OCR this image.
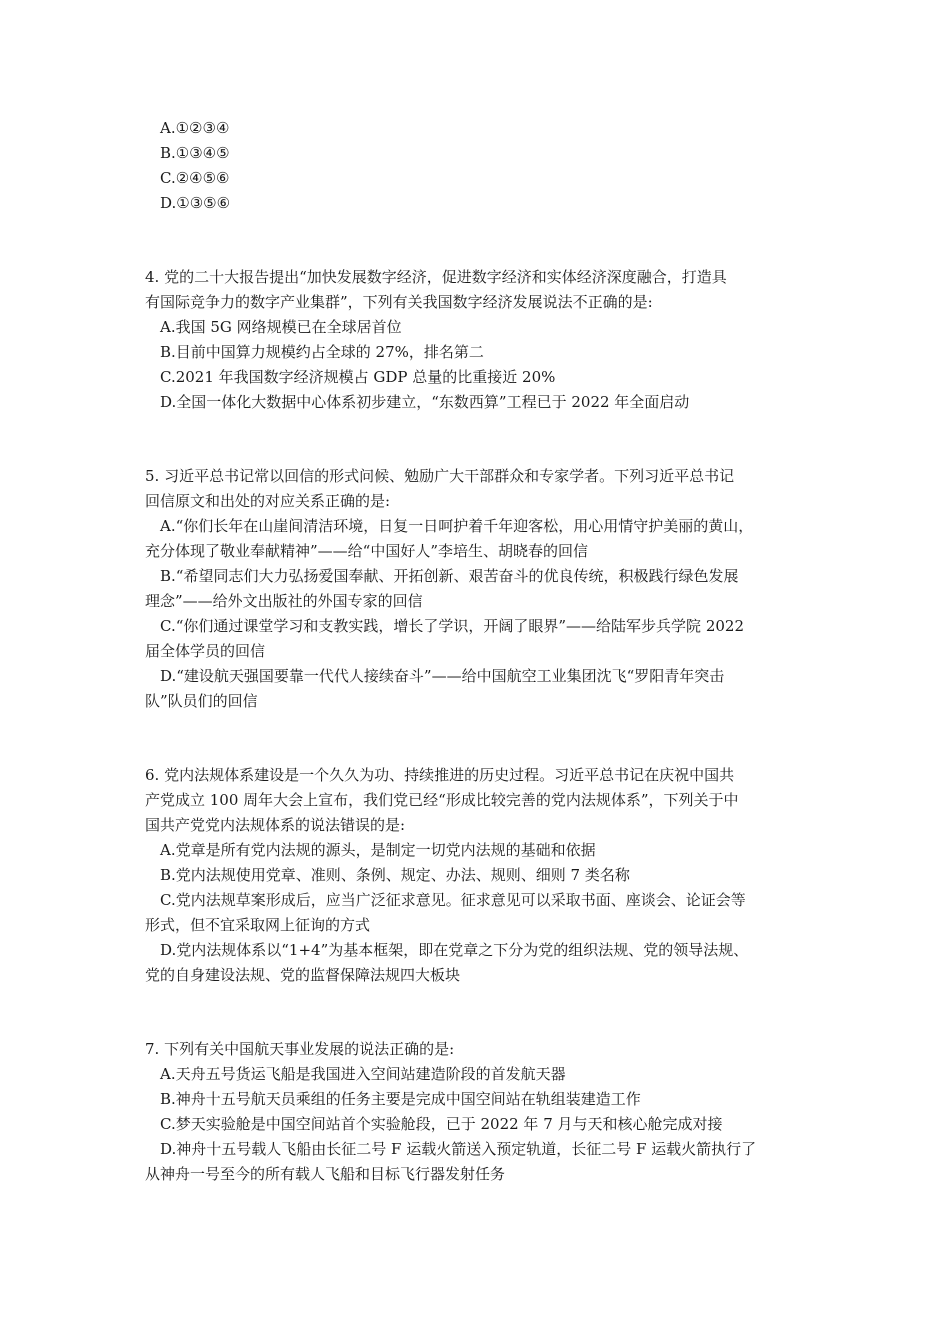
A.①②③④
B.①③④⑤
C.②④⑤⑥
D.①③⑤⑥
4. 党的二十大报告提出“加快发展数字经济，促进数字经济和实体经济深度融合，打造具
有国际竞争力的数字产业集群”，下列有关我国数字经济发展说法不正确的是:
A.我国 5G 网络规模已在全球居首位
B.目前中国算力规模约占全球的 27%，排名第二
C.2021 年我国数字经济规模占 GDP 总量的比重接近 20%
D.全国一体化大数据中心体系初步建立，“东数西算”工程已于 2022 年全面启动
5. 习近平总书记常以回信的形式问候、勉励广大干部群众和专家学者。下列习近平总书记
回信原文和出处的对应关系正确的是:
A.“你们长年在山崖间清洁环境，日复一日呵护着千年迎客松，用心用情守护美丽的黄山，
充分体现了敬业奉献精神”——给“中国好人”李培生、胡晓春的回信
B.“希望同志们大力弘扬爱国奉献、开拓创新、艰苦奋斗的优良传统，积极践行绿色发展
理念”——给外文出版社的外国专家的回信
C.“你们通过课堂学习和支教实践，增长了学识，开阔了眼界”——给陆军步兵学院 2022
届全体学员的回信
D.“建设航天强国要靠一代代人接续奋斗”——给中国航空工业集团沈飞“罗阳青年突击
队”队员们的回信
6. 党内法规体系建设是一个久久为功、持续推进的历史过程。习近平总书记在庆祝中国共
产党成立 100 周年大会上宣布，我们党已经“形成比较完善的党内法规体系”，下列关于中
国共产党党内法规体系的说法错误的是:
A.党章是所有党内法规的源头，是制定一切党内法规的基础和依据
B.党内法规使用党章、准则、条例、规定、办法、规则、细则 7 类名称
C.党内法规草案形成后，应当广泛征求意见。征求意见可以采取书面、座谈会、论证会等
形式，但不宜采取网上征询的方式
D.党内法规体系以“1+4”为基本框架，即在党章之下分为党的组织法规、党的领导法规、
党的自身建设法规、党的监督保障法规四大板块
7. 下列有关中国航天事业发展的说法正确的是:
A.天舟五号货运飞船是我国进入空间站建造阶段的首发航天器
B.神舟十五号航天员乘组的任务主要是完成中国空间站在轨组装建造工作
C.梦天实验舱是中国空间站首个实验舱段，已于 2022 年 7 月与天和核心舱完成对接
D.神舟十五号载人飞船由长征二号 F 运载火箭送入预定轨道，长征二号 F 运载火箭执行了
从神舟一号至今的所有载人飞船和目标飞行器发射任务
